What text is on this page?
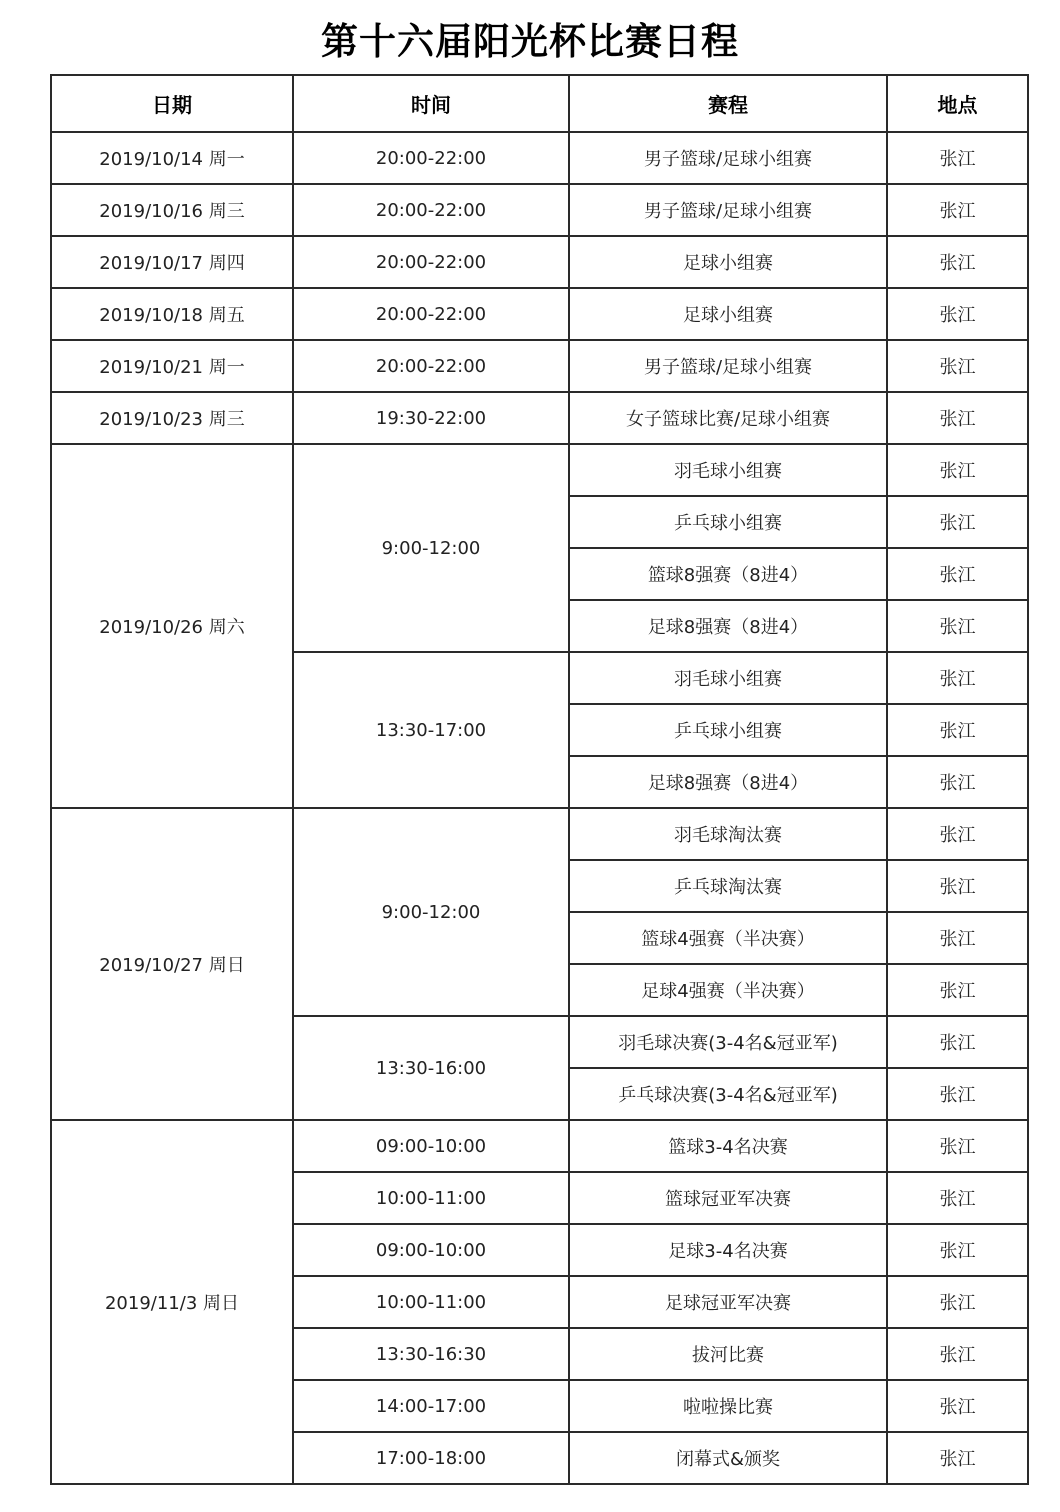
第十六届阳光杯比赛日程
日期	时间	赛程	地点
2019/10/14 周一	20:00-22:00	男子篮球/足球小组赛	张江
2019/10/16 周三	20:00-22:00	男子篮球/足球小组赛	张江
2019/10/17 周四	20:00-22:00	足球小组赛	张江
2019/10/18 周五	20:00-22:00	足球小组赛	张江
2019/10/21 周一	20:00-22:00	男子篮球/足球小组赛	张江
2019/10/23 周三	19:30-22:00	女子篮球比赛/足球小组赛	张江
2019/10/26 周六	9:00-12:00	羽毛球小组赛	张江
		乒乓球小组赛	张江
		篮球8强赛（8进4）	张江
		足球8强赛（8进4）	张江
	13:30-17:00	羽毛球小组赛	张江
		乒乓球小组赛	张江
		足球8强赛（8进4）	张江
2019/10/27 周日	9:00-12:00	羽毛球淘汰赛	张江
		乒乓球淘汰赛	张江
		篮球4强赛（半决赛）	张江
		足球4强赛（半决赛）	张江
	13:30-16:00	羽毛球决赛(3-4名&冠亚军)	张江
		乒乓球决赛(3-4名&冠亚军)	张江
2019/11/3 周日	09:00-10:00	篮球3-4名决赛	张江
	10:00-11:00	篮球冠亚军决赛	张江
	09:00-10:00	足球3-4名决赛	张江
	10:00-11:00	足球冠亚军决赛	张江
	13:30-16:30	拔河比赛	张江
	14:00-17:00	啦啦操比赛	张江
	17:00-18:00	闭幕式&颁奖	张江
